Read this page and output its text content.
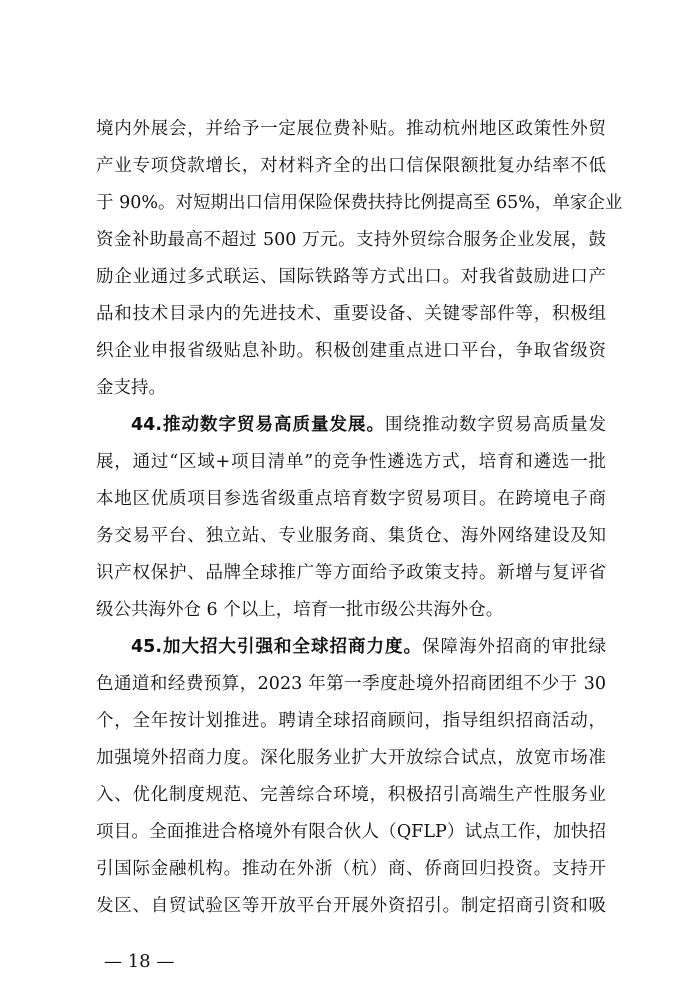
境内外展会，并给予一定展位费补贴。推动杭州地区政策性外贸
产业专项贷款增长，对材料齐全的出口信保限额批复办结率不低
于 90%。对短期出口信用保险保费扶持比例提高至 65%，单家企业
资金补助最高不超过 500 万元。支持外贸综合服务企业发展，鼓
励企业通过多式联运、国际铁路等方式出口。对我省鼓励进口产
品和技术目录内的先进技术、重要设备、关键零部件等，积极组
织企业申报省级贴息补助。积极创建重点进口平台，争取省级资
金支持。
44.推动数字贸易高质量发展。围绕推动数字贸易高质量发
展，通过“区域+项目清单”的竞争性遴选方式，培育和遴选一批
本地区优质项目参选省级重点培育数字贸易项目。在跨境电子商
务交易平台、独立站、专业服务商、集货仓、海外网络建设及知
识产权保护、品牌全球推广等方面给予政策支持。新增与复评省
级公共海外仓 6 个以上，培育一批市级公共海外仓。
45.加大招大引强和全球招商力度。保障海外招商的审批绿
色通道和经费预算，2023 年第一季度赴境外招商团组不少于 30
个，全年按计划推进。聘请全球招商顾问，指导组织招商活动，
加强境外招商力度。深化服务业扩大开放综合试点，放宽市场准
入、优化制度规范、完善综合环境，积极招引高端生产性服务业
项目。全面推进合格境外有限合伙人（QFLP）试点工作，加快招
引国际金融机构。推动在外浙（杭）商、侨商回归投资。支持开
发区、自贸试验区等开放平台开展外资招引。制定招商引资和吸
— 18 —
